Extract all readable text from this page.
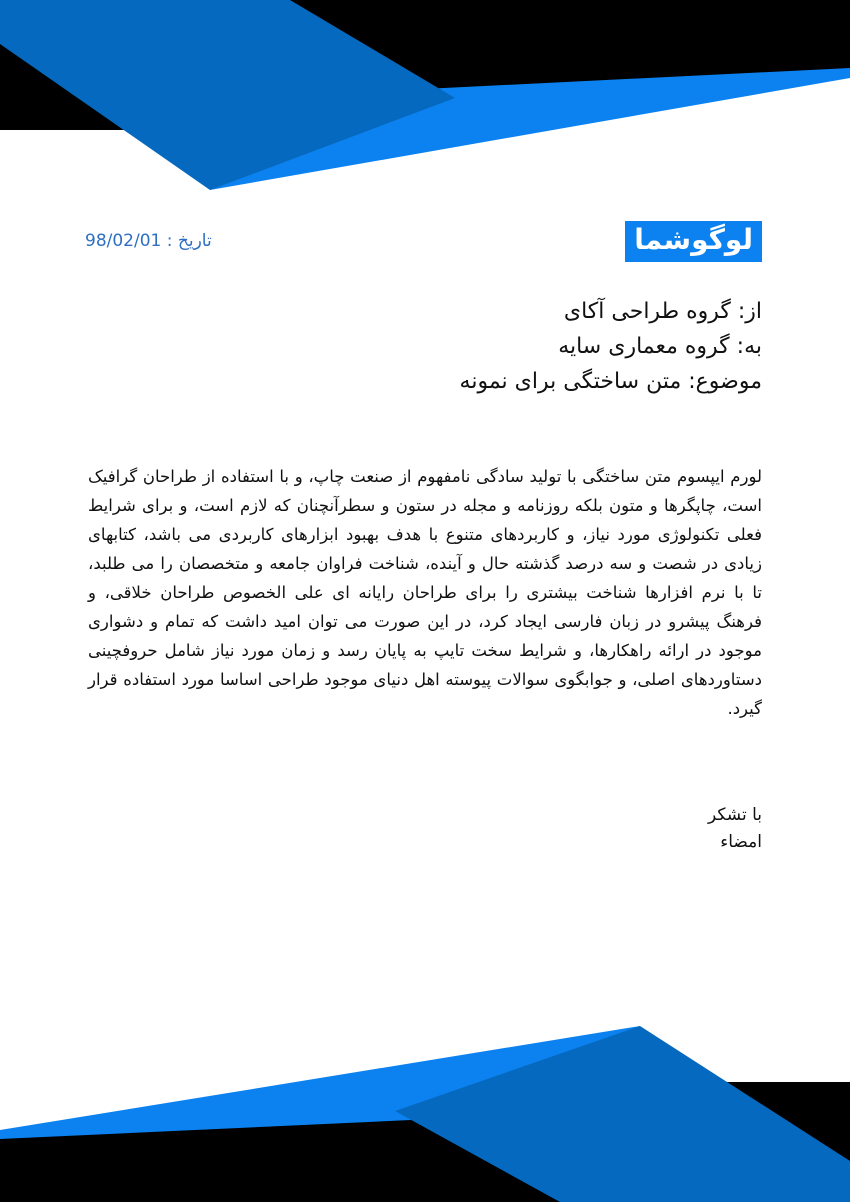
لوگوشما
تاریخ : 98/02/01

از: گروه طراحی آکای

به: گروه معماری سایه

موضوع: متن ساختگی برای نمونه

لورم ایپسوم متن ساختگی با تولید سادگی نامفهوم از صنعت چاپ، و با استفاده از طراحان گرافیک است، چاپگرها و متون بلکه روزنامه و مجله در ستون و سطرآنچنان که لازم است، و برای شرایط فعلی تکنولوژی مورد نیاز، و کاربردهای متنوع با هدف بهبود ابزارهای کاربردی می باشد، کتابهای زیادی در شصت و سه درصد گذشته حال و آینده، شناخت فراوان جامعه و متخصصان را می طلبد، تا با نرم افزارها شناخت بیشتری را برای طراحان رایانه ای علی الخصوص طراحان خلاقی، و فرهنگ پیشرو در زبان فارسی ایجاد کرد، در این صورت می توان امید داشت که تمام و دشواری موجود در ارائه راهکارها، و شرایط سخت تایپ به پایان رسد و زمان مورد نیاز شامل حروفچینی دستاوردهای اصلی، و جوابگوی سوالات پیوسته اهل دنیای موجود طراحی اساسا مورد استفاده قرار گیرد.

با تشکر

امضاء
